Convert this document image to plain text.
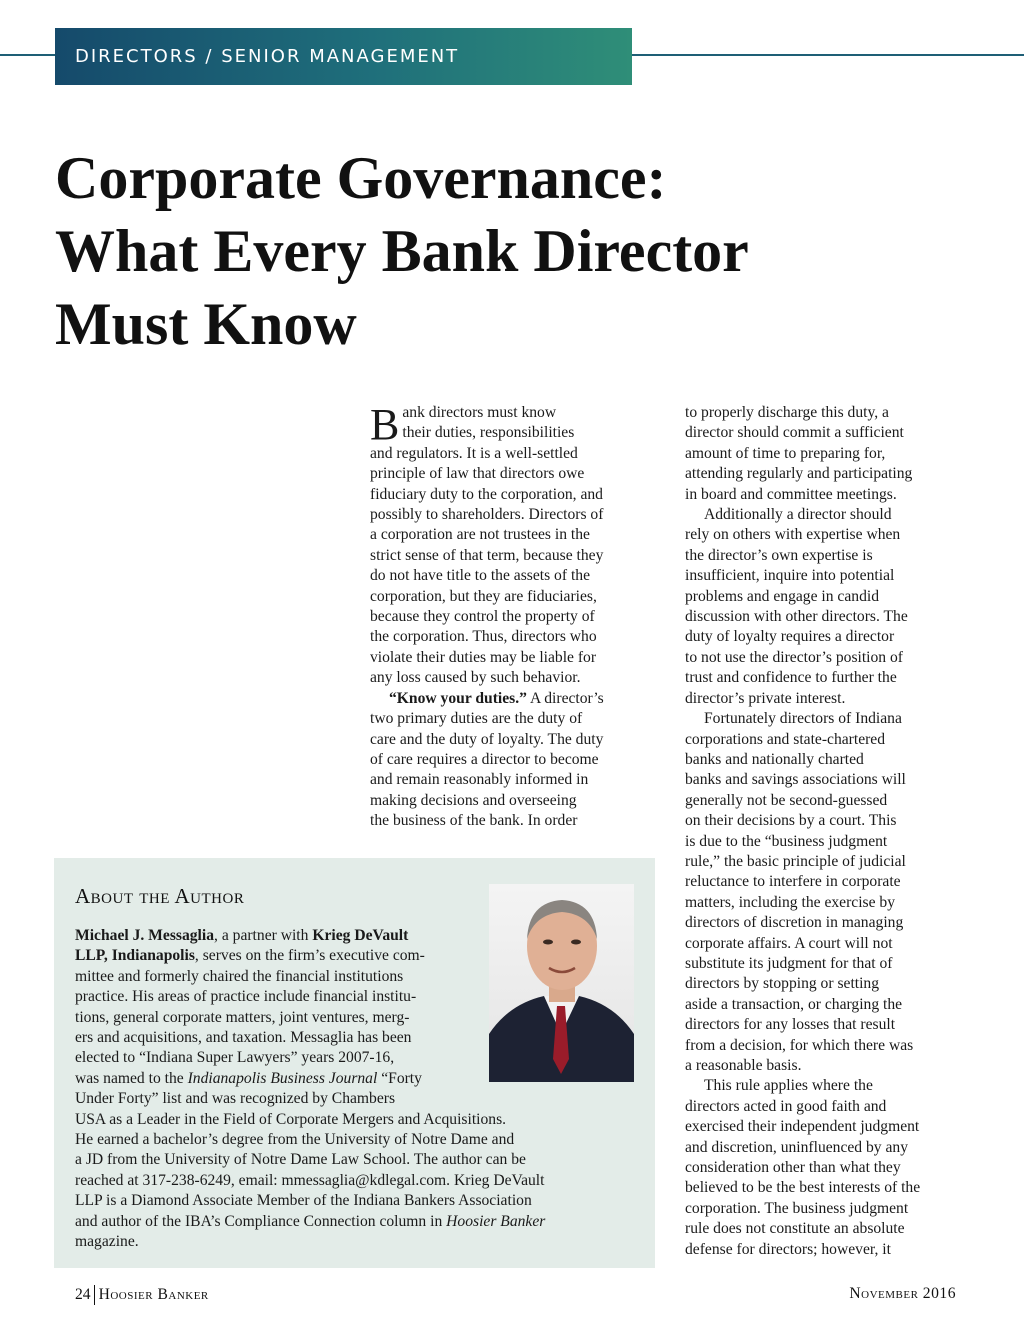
DIRECTORS / SENIOR MANAGEMENT
Corporate Governance:
What Every Bank Director
Must Know
B ank directors must know
their duties, responsibilities
and regulators. It is a well-settled
principle of law that directors owe
fiduciary duty to the corporation, and
possibly to shareholders. Directors of
a corporation are not trustees in the
strict sense of that term, because they
do not have title to the assets of the
corporation, but they are fiduciaries,
because they control the property of
the corporation. Thus, directors who
violate their duties may be liable for
any loss caused by such behavior.
“Know your duties.” A director’s
two primary duties are the duty of
care and the duty of loyalty. The duty
of care requires a director to become
and remain reasonably informed in
making decisions and overseeing
the business of the bank. In order
to properly discharge this duty, a
director should commit a sufficient
amount of time to preparing for,
attending regularly and participating
in board and committee meetings.
Additionally a director should
rely on others with expertise when
the director’s own expertise is
insufficient, inquire into potential
problems and engage in candid
discussion with other directors. The
duty of loyalty requires a director
to not use the director’s position of
trust and confidence to further the
director’s private interest.
Fortunately directors of Indiana
corporations and state-chartered
banks and nationally charted
banks and savings associations will
generally not be second-guessed
on their decisions by a court. This
is due to the “business judgment
rule,” the basic principle of judicial
reluctance to interfere in corporate
matters, including the exercise by
directors of discretion in managing
corporate affairs. A court will not
substitute its judgment for that of
directors by stopping or setting
aside a transaction, or charging the
directors for any losses that result
from a decision, for which there was
a reasonable basis.
This rule applies where the
directors acted in good faith and
exercised their independent judgment
and discretion, uninfluenced by any
consideration other than what they
believed to be the best interests of the
corporation. The business judgment
rule does not constitute an absolute
defense for directors; however, it
About the Author
Michael J. Messaglia, a partner with Krieg DeVault
LLP, Indianapolis, serves on the firm’s executive com-
mittee and formerly chaired the financial institutions
practice. His areas of practice include financial institu-
tions, general corporate matters, joint ventures, merg-
ers and acquisitions, and taxation. Messaglia has been
elected to “Indiana Super Lawyers” years 2007-16,
was named to the Indianapolis Business Journal “Forty
Under Forty” list and was recognized by Chambers
USA as a Leader in the Field of Corporate Mergers and Acquisitions.
He earned a bachelor’s degree from the University of Notre Dame and
a JD from the University of Notre Dame Law School. The author can be
reached at 317-238-6249, email: mmessaglia@kdlegal.com. Krieg DeVault
LLP is a Diamond Associate Member of the Indiana Bankers Association
and author of the IBA’s Compliance Connection column in Hoosier Banker
magazine.
24 Hoosier Banker	November 2016
